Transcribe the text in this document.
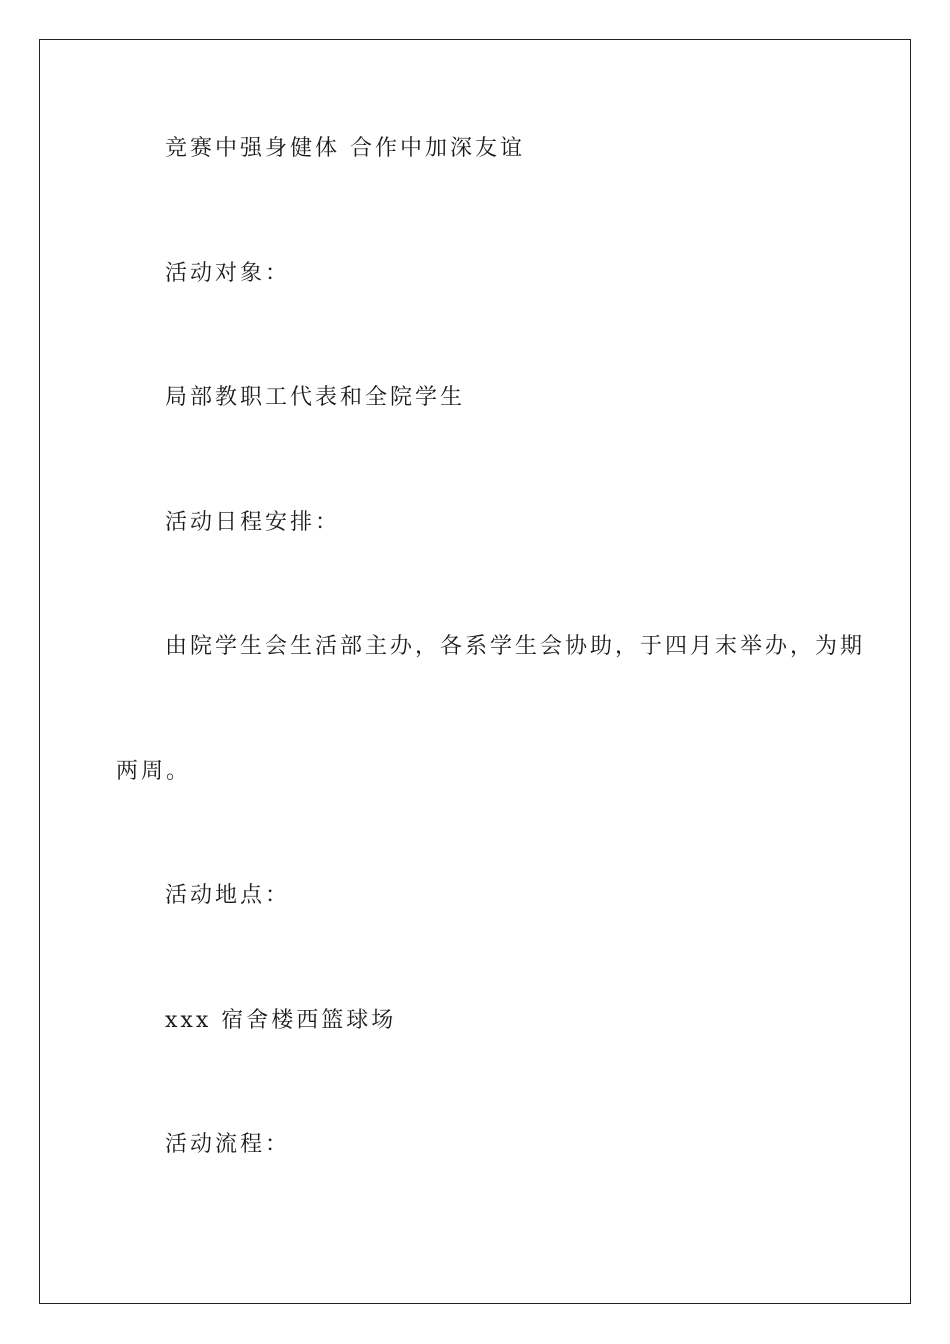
竞赛中强身健体 合作中加深友谊
活动对象：
局部教职工代表和全院学生
活动日程安排：
由院学生会生活部主办，各系学生会协助，于四月末举办，为期
两周。
活动地点：
xxx 宿舍楼西篮球场
活动流程：
